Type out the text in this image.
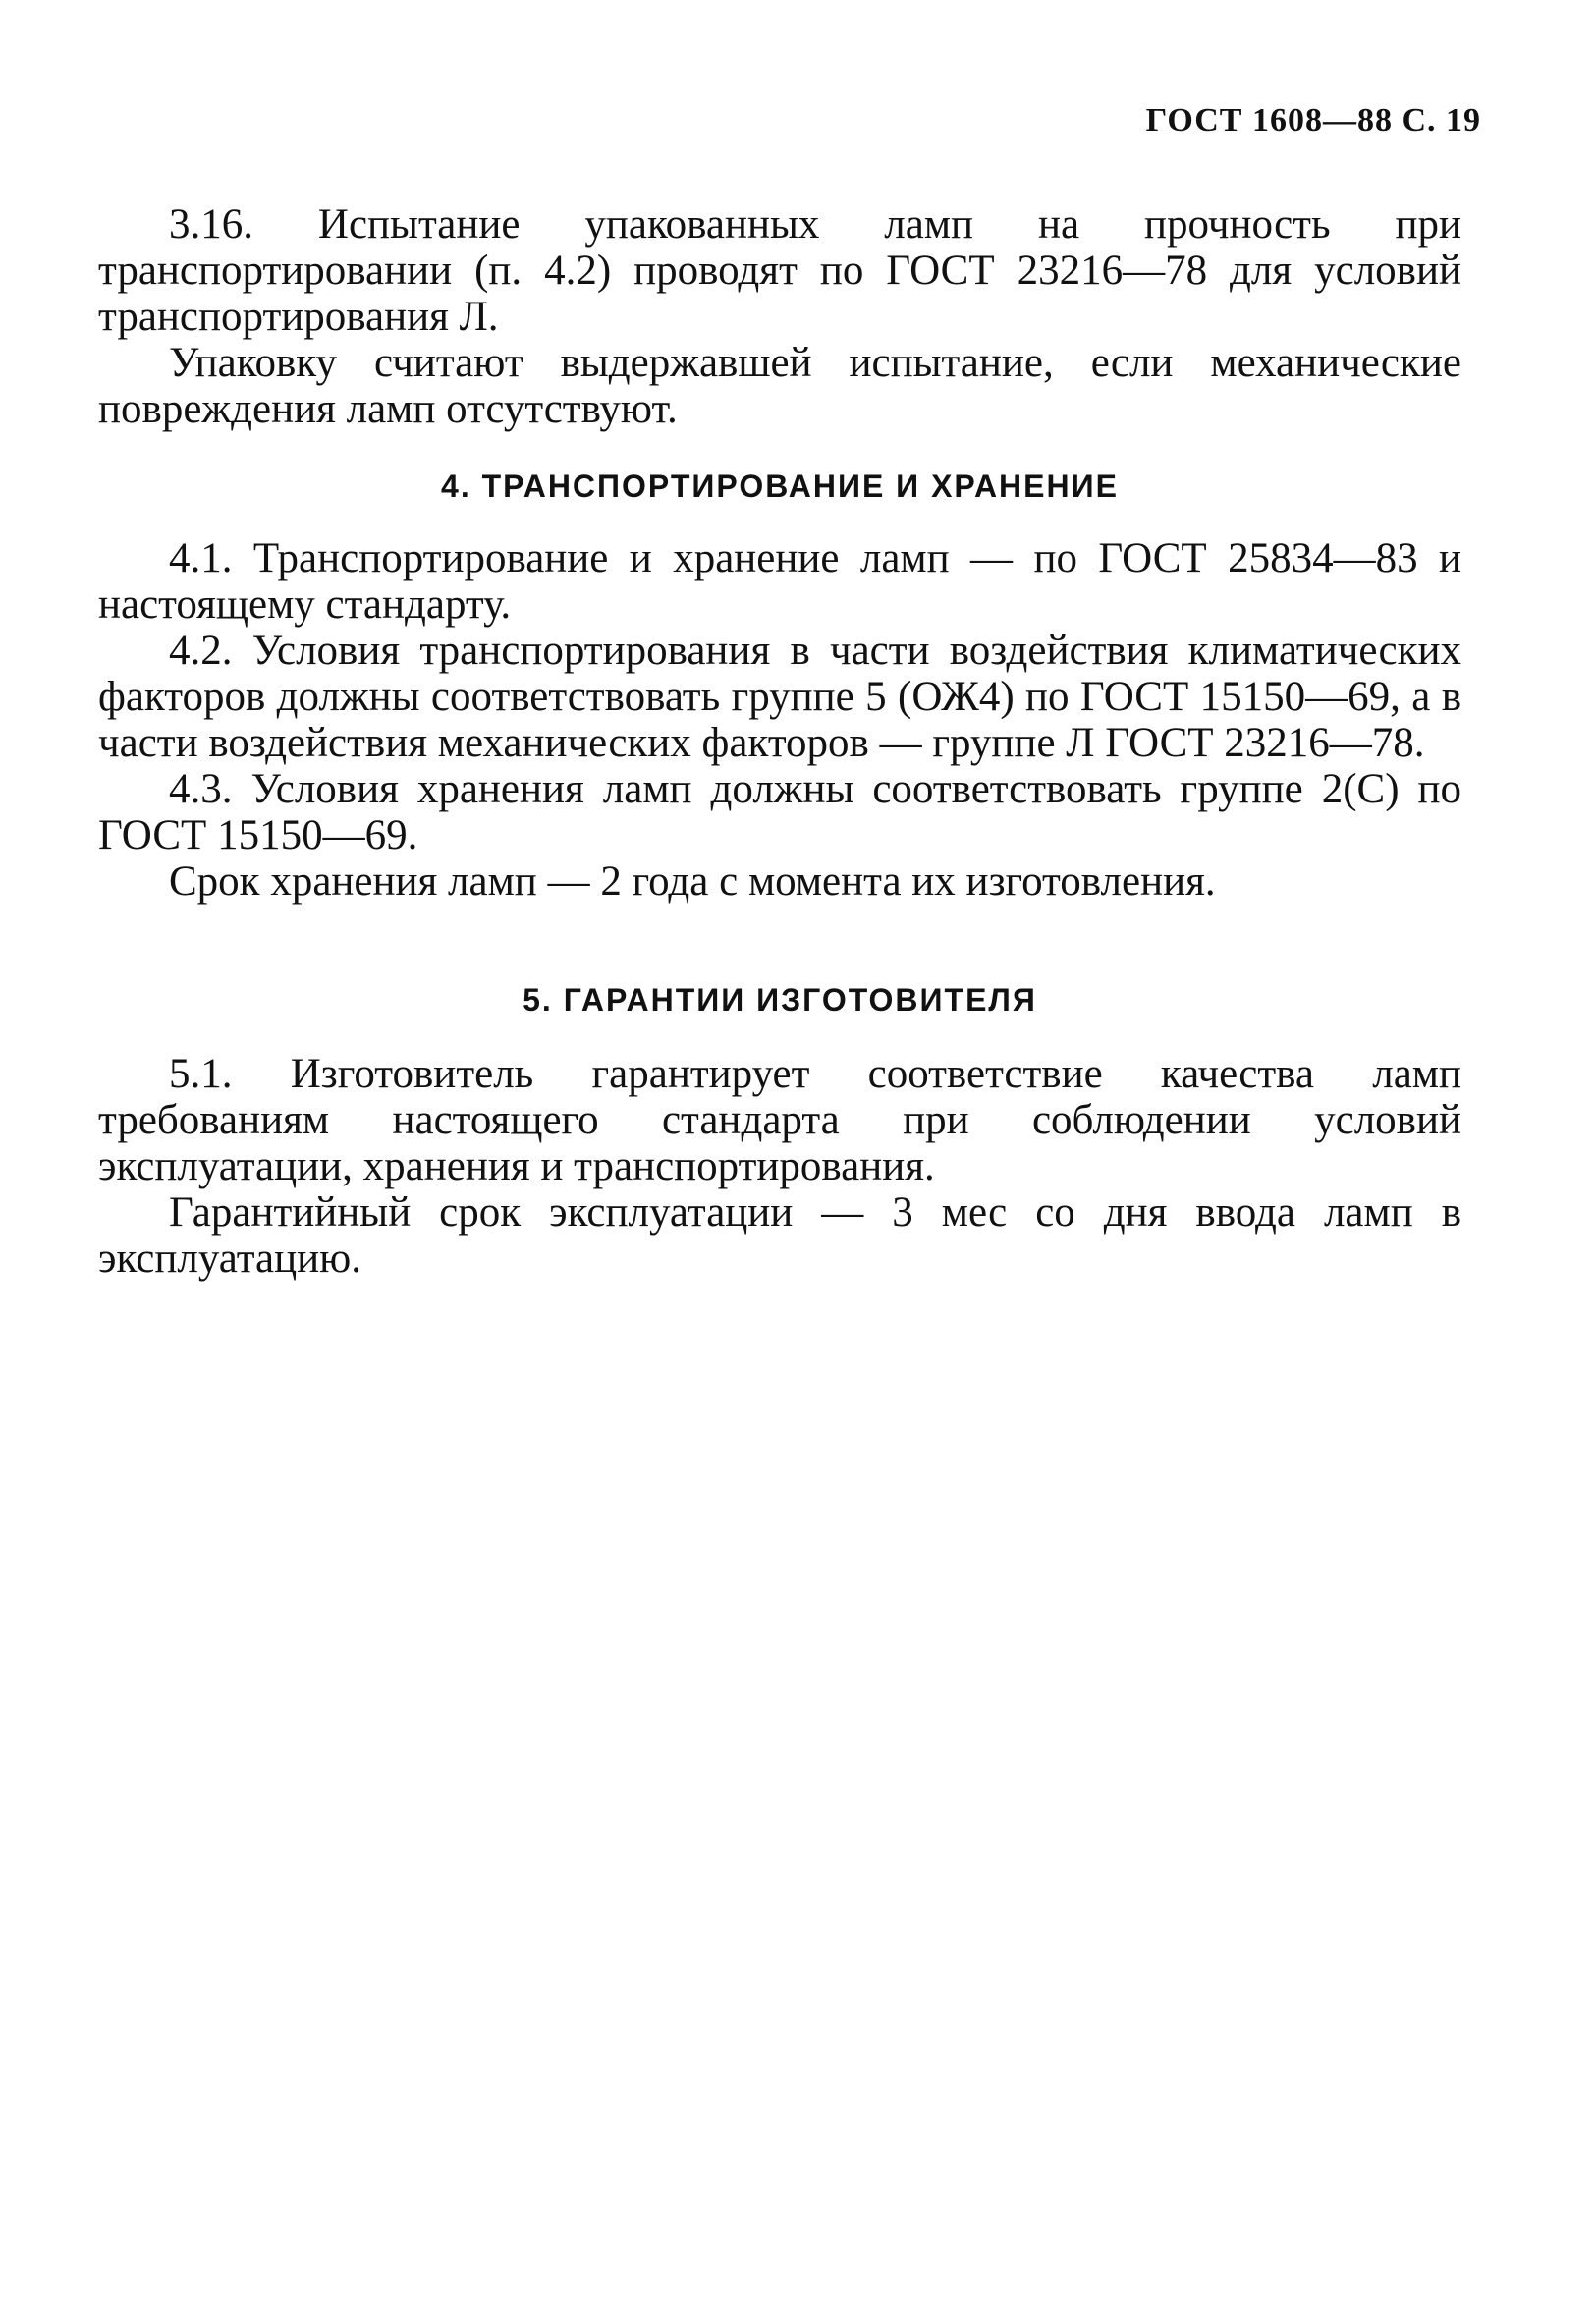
ГОСТ 1608—88 С. 19

3.16. Испытание упакованных ламп на прочность при транспортировании (п. 4.2) проводят по ГОСТ 23216—78 для условий транспортирования Л.

Упаковку считают выдержавшей испытание, если механические повреждения ламп отсутствуют.

4. ТРАНСПОРТИРОВАНИЕ И ХРАНЕНИЕ

4.1. Транспортирование и хранение ламп — по ГОСТ 25834—83 и настоящему стандарту.

4.2. Условия транспортирования в части воздействия климатических факторов должны соответствовать группе 5 (ОЖ4) по ГОСТ 15150—69, а в части воздействия механических факторов — группе Л ГОСТ 23216—78.

4.3. Условия хранения ламп должны соответствовать группе 2(С) по ГОСТ 15150—69.

Срок хранения ламп — 2 года с момента их изготовления.

5. ГАРАНТИИ ИЗГОТОВИТЕЛЯ

5.1. Изготовитель гарантирует соответствие качества ламп требованиям настоящего стандарта при соблюдении условий эксплуатации, хранения и транспортирования.

Гарантийный срок эксплуатации — 3 мес со дня ввода ламп в эксплуатацию.
